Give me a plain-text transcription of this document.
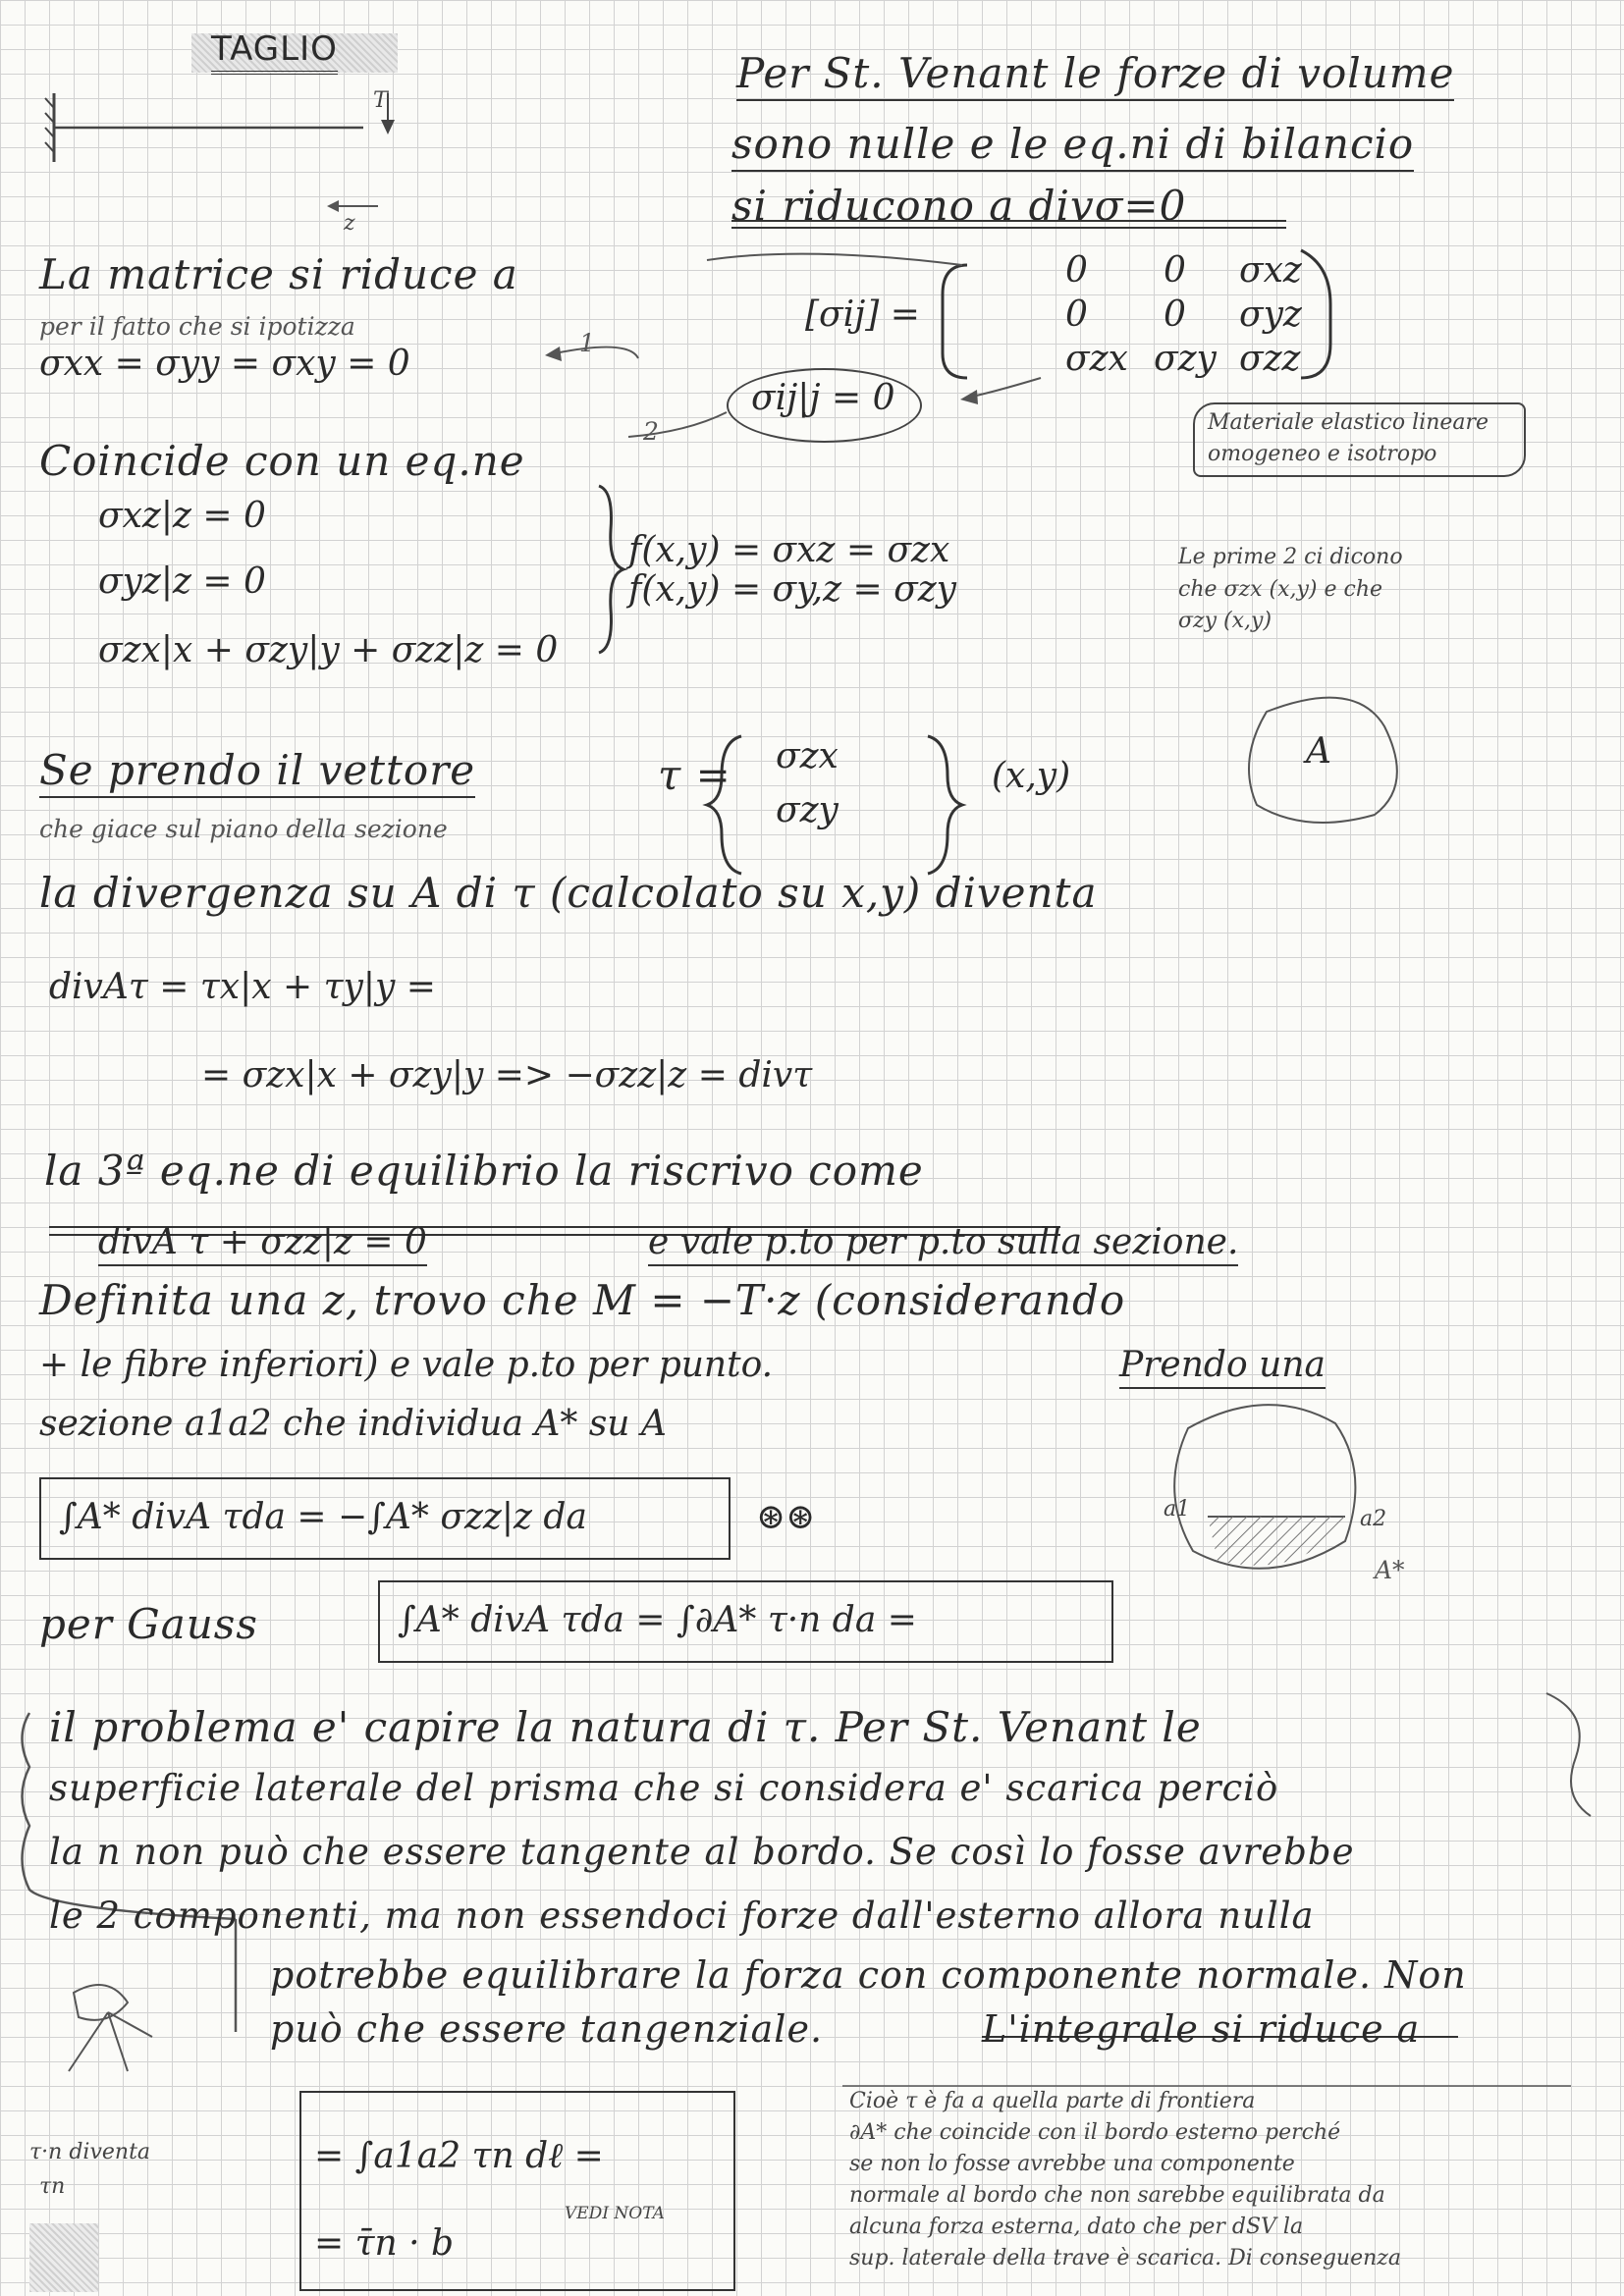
TAGLIO
T
z
Per St. Venant le forze di volume
sono nulle e le eq.ni di bilancio
si riducono a divσ=0
La matrice si riduce a
per il fatto che si ipotizza
σxx = σyy = σxy = 0
1
2
[σij] =
0 0 σxz
0 0 σyz
σzx σzy σzz
σij|j = 0
Materiale elastico lineare
omogeneo e isotropo
Coincide con un eq.ne
σxz|z = 0
σyz|z = 0
σzx|x + σzy|y + σzz|z = 0
f(x,y) = σxz = σzx
f(x,y) = σy,z = σzy
Le prime 2 ci dicono
che σzx (x,y) e che
σzy (x,y)
Se prendo il vettore
che giace sul piano della sezione
τ = σzx
σzy
(x,y)
A
la divergenza su A di τ (calcolato su x,y) diventa
divAτ = τx|x + τy|y =
= σzx|x + σzy|y => −σzz|z = divτ
la 3ª eq.ne di equilibrio la riscrivo come
divA τ + σzz|z = 0	e vale p.to per p.to sulla sezione.
Definita una z, trovo che M = −T·z (considerando
+ le fibre inferiori) e vale p.to per punto.	Prendo una
sezione a1a2 che individua A* su A
∫A* divA τda = −∫A* σzz|z da	⊛⊛	a1	a2
A*
per Gauss	∫A* divA τda = ∫∂A* τ·n da =
il problema e' capire la natura di τ. Per St. Venant le
superficie laterale del prisma che si considera e' scarica perciò
la n non può che essere tangente al bordo. Se così lo fosse avrebbe
le 2 componenti, ma non essendoci forze dall'esterno allora nulla
potrebbe equilibrare la forza con componente normale. Non
può che essere tangenziale.	L'integrale si riduce a
τ·n diventa
τn
= ∫a1a2 τn dℓ =
= τ̄n · b
VEDI NOTA
Cioè τ è fa a quella parte di frontiera
∂A* che coincide con il bordo esterno perché
se non lo fosse avrebbe una componente
normale al bordo che non sarebbe equilibrata da
alcuna forza esterna, dato che per dSV la
sup. laterale della trave è scarica. Di conseguenza
